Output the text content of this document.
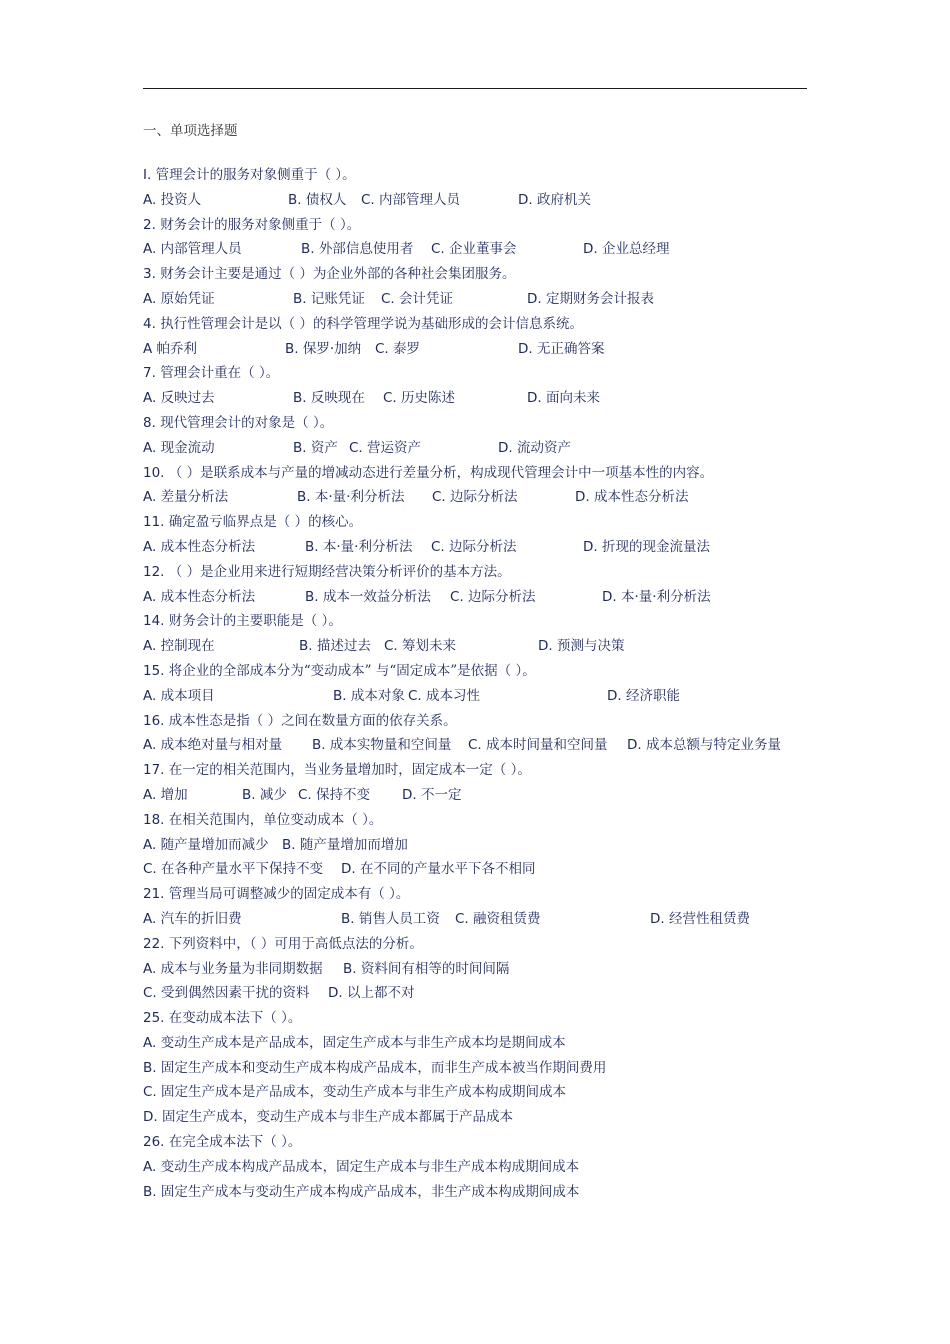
一、单项选择题
I. 管理会计的服务对象侧重于（ ）。
A. 投资人	B. 债权人 C. 内部管理人员	D. 政府机关
2. 财务会计的服务对象侧重于（ ）。
A. 内部管理人员	B. 外部信息使用者 C. 企业董事会	D. 企业总经理
3. 财务会计主要是通过（ ）为企业外部的各种社会集团服务。
A. 原始凭证	B. 记账凭证 C. 会计凭证	D. 定期财务会计报表
4. 执行性管理会计是以（ ）的科学管理学说为基础形成的会计信息系统。
A 帕乔利	B. 保罗·加纳 C. 泰罗	D. 无正确答案
7. 管理会计重在（ ）。
A. 反映过去	B. 反映现在 C. 历史陈述	D. 面向未来
8. 现代管理会计的对象是（ ）。
A. 现金流动	B. 资产 C. 营运资产	D. 流动资产
10. （ ）是联系成本与产量的增减动态进行差量分析，构成现代管理会计中一项基本性的内容。
A. 差量分析法	B. 本·量·利分析法 C. 边际分析法	D. 成本性态分析法
11. 确定盈亏临界点是（ ）的核心。
A. 成本性态分析法	B. 本·量·利分析法 C. 边际分析法	D. 折现的现金流量法
12. （ ）是企业用来进行短期经营决策分析评价的基本方法。
A. 成本性态分析法	B. 成本一效益分析法 C. 边际分析法	D. 本·量·利分析法
14. 财务会计的主要职能是（ ）。
A. 控制现在	B. 描述过去 C. 筹划未来	D. 预测与决策
15. 将企业的全部成本分为“变动成本” 与“固定成本”是依据（ ）。
A. 成本项目	B. 成本对象 C. 成本习性	D. 经济职能
16. 成本性态是指（ ）之间在数量方面的依存关系。
A. 成本绝对量与相对量 B. 成本实物量和空间量 C. 成本时间量和空间量 D. 成本总额与特定业务量
17. 在一定的相关范围内，当业务量增加时，固定成本一定（ ）。
A. 增加	B. 减少 C. 保持不变 D. 不一定
18. 在相关范围内，单位变动成本（ ）。
A. 随产量增加而减少 B. 随产量增加而增加
C. 在各种产量水平下保持不变 D. 在不同的产量水平下各不相同
21. 管理当局可调整减少的固定成本有（ ）。
A. 汽车的折旧费	B. 销售人员工资 C. 融资租赁费	D. 经营性租赁费
22. 下列资料中，（ ）可用于高低点法的分析。
A. 成本与业务量为非同期数据 B. 资料间有相等的时间间隔
C. 受到偶然因素干扰的资料 D. 以上都不对
25. 在变动成本法下（ ）。
A. 变动生产成本是产品成本，固定生产成本与非生产成本均是期间成本
B. 固定生产成本和变动生产成本构成产品成本，而非生产成本被当作期间费用
C. 固定生产成本是产品成本，变动生产成本与非生产成本构成期间成本
D. 固定生产成本，变动生产成本与非生产成本都属于产品成本
26. 在完全成本法下（ ）。
A. 变动生产成本构成产品成本，固定生产成本与非生产成本构成期间成本
B. 固定生产成本与变动生产成本构成产品成本，非生产成本构成期间成本
